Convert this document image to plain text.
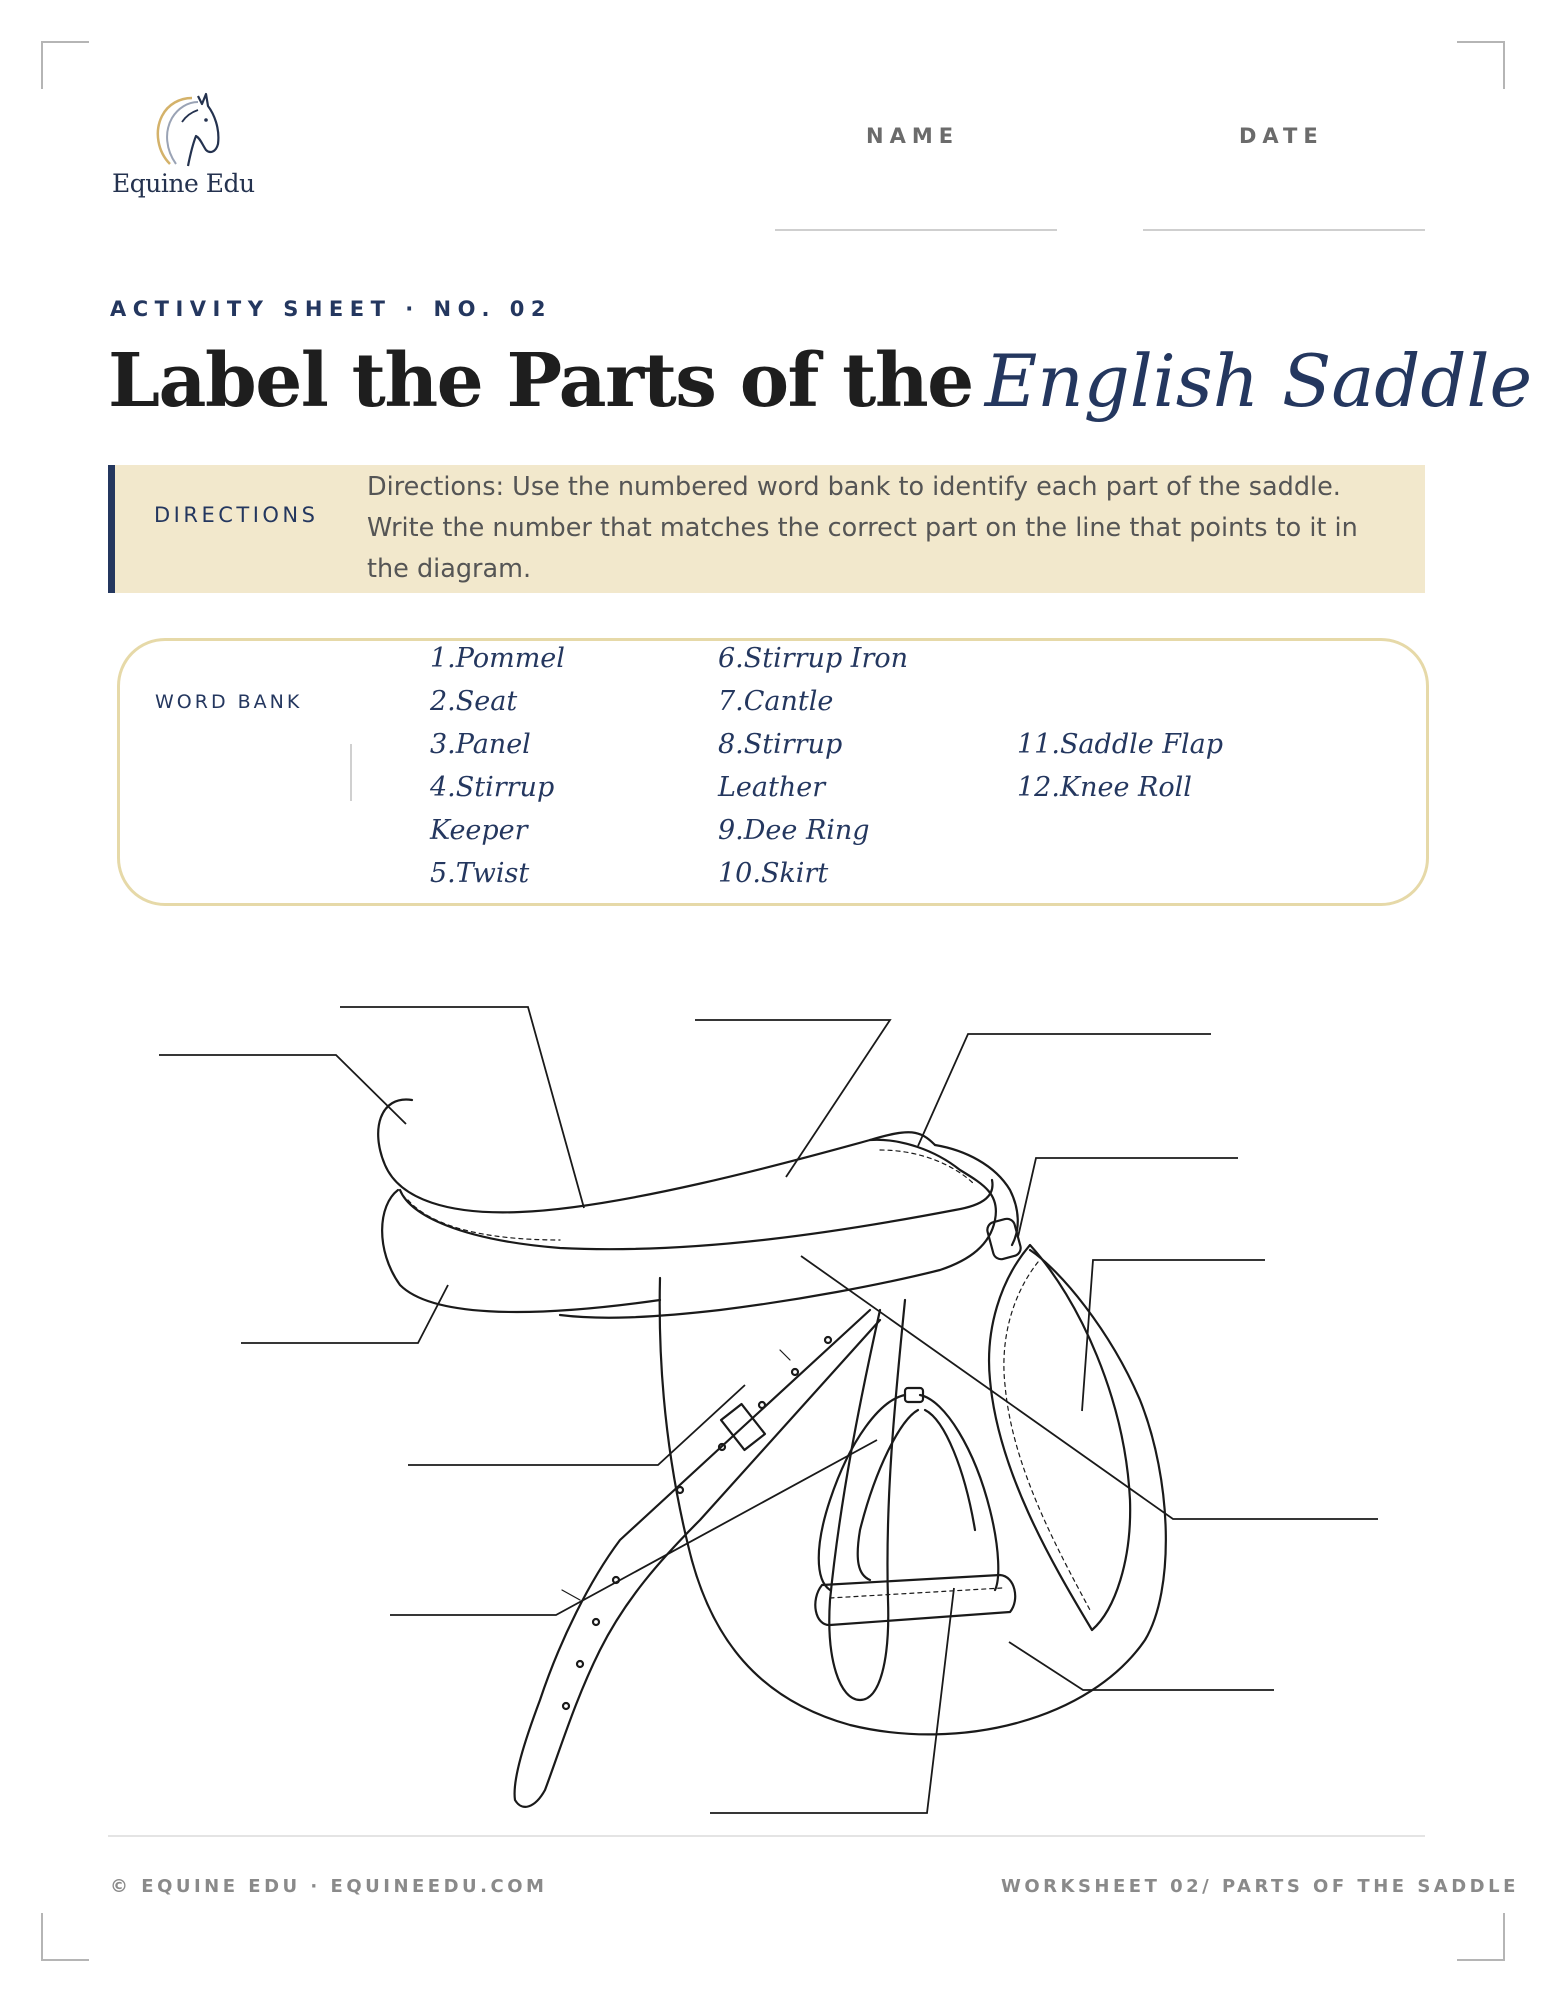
Equine Edu
NAME	DATE
ACTIVITY SHEET · NO. 02
Label the Parts of the English Saddle
DIRECTIONS
Directions: Use the numbered word bank to identify each part of the saddle. Write the number that matches the correct part on the line that points to it in the diagram.
WORD BANK
1.Pommel
2.Seat
3.Panel
4.Stirrup
Keeper
5.Twist
6.Stirrup Iron
7.Cantle
8.Stirrup
Leather
9.Dee Ring
10.Skirt
11.Saddle Flap
12.Knee Roll
© EQUINE EDU · EQUINEEDU.COM	WORKSHEET 02/ PARTS OF THE SADDLE
